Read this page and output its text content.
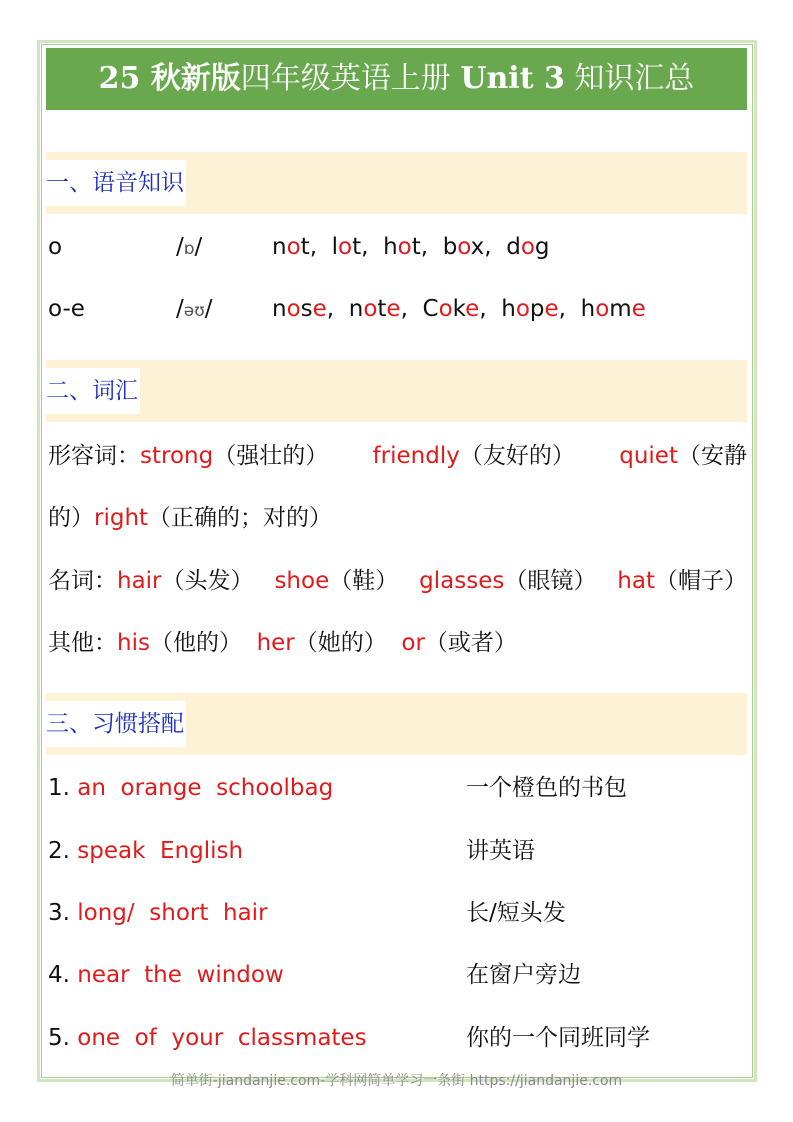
25 秋新版四年级英语上册 Unit 3 知识汇总
一、语音知识
o	/ɒ/	not,  lot,  hot,  box,  dog
o-e	/əʊ/	nose,  note,  Coke,  hope,  home
二、词汇
形容词：strong（强壮的） friendly（友好的） quiet（安静
的）right（正确的；对的）
名词：hair（头发） shoe（鞋） glasses（眼镜） hat（帽子）
其他：his（他的） her（她的） or（或者）
三、习惯搭配
1. an  orange  schoolbag	一个橙色的书包
2. speak  English	讲英语
3. long/  short  hair	长/短头发
4. near  the  window	在窗户旁边
5. one  of  your  classmates	你的一个同班同学
简单街-jiandanjie.com-学科网简单学习一条街 https://jiandanjie.com
